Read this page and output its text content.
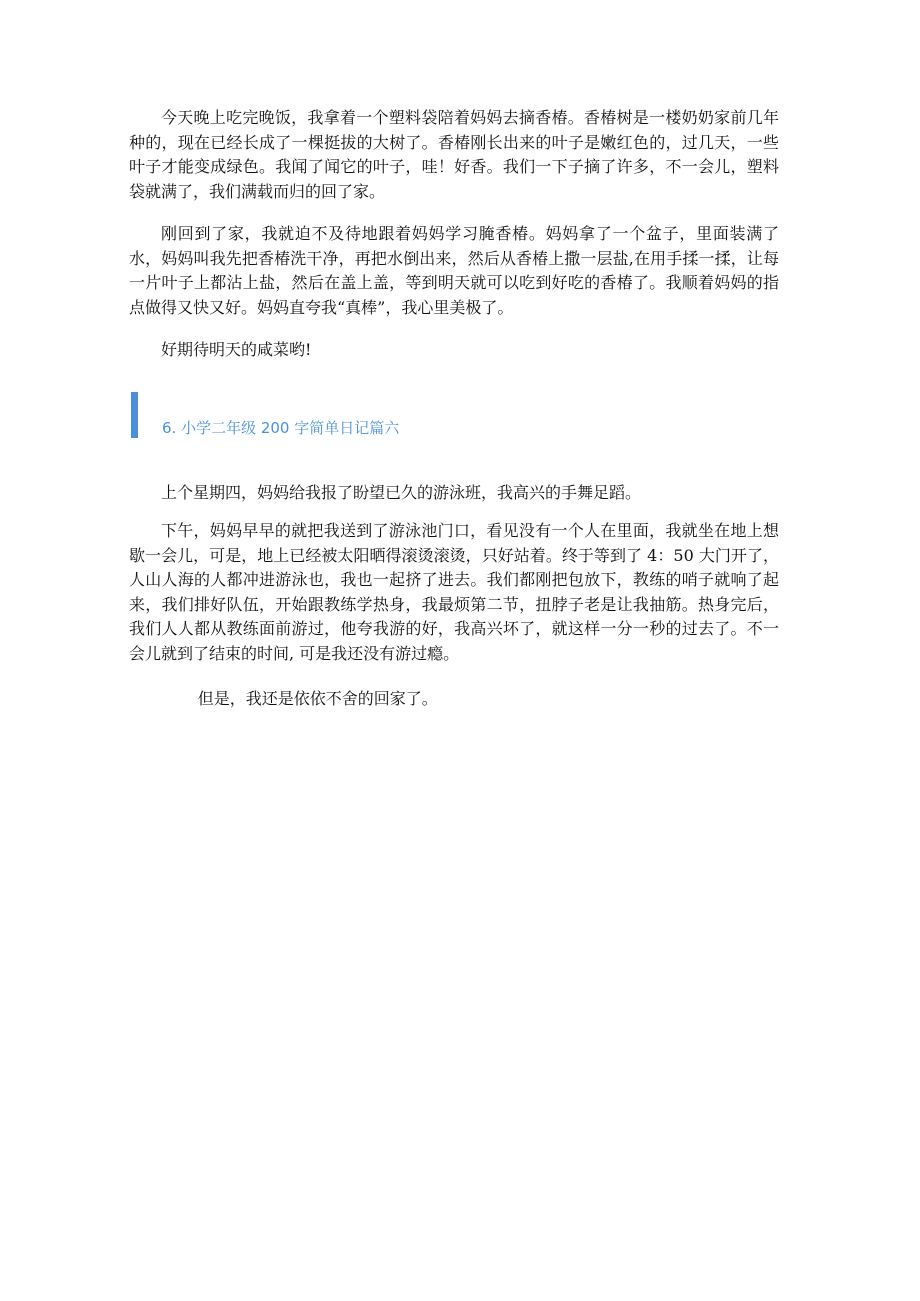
今天晚上吃完晚饭，我拿着一个塑料袋陪着妈妈去摘香椿。香椿树是一楼奶奶家前几年种的，现在已经长成了一棵挺拔的大树了。香椿刚长出来的叶子是嫩红色的，过几天，一些叶子才能变成绿色。我闻了闻它的叶子，哇！好香。我们一下子摘了许多，不一会儿，塑料袋就满了，我们满载而归的回了家。

刚回到了家，我就迫不及待地跟着妈妈学习腌香椿。妈妈拿了一个盆子，里面装满了水，妈妈叫我先把香椿洗干净，再把水倒出来，然后从香椿上撒一层盐,在用手揉一揉，让每一片叶子上都沾上盐，然后在盖上盖，等到明天就可以吃到好吃的香椿了。我顺着妈妈的指点做得又快又好。妈妈直夸我“真棒”，我心里美极了。

好期待明天的咸菜哟!

6. 小学二年级 200 字简单日记篇六

上个星期四，妈妈给我报了盼望已久的游泳班，我高兴的手舞足蹈。

下午，妈妈早早的就把我送到了游泳池门口，看见没有一个人在里面，我就坐在地上想歇一会儿，可是，地上已经被太阳晒得滚烫滚烫，只好站着。终于等到了 4：50 大门开了，人山人海的人都冲进游泳也，我也一起挤了进去。我们都刚把包放下，教练的哨子就响了起来，我们排好队伍，开始跟教练学热身，我最烦第二节，扭脖子老是让我抽筋。热身完后，我们人人都从教练面前游过，他夸我游的好，我高兴坏了，就这样一分一秒的过去了。不一会儿就到了结束的时间, 可是我还没有游过瘾。

但是，我还是依依不舍的回家了。
